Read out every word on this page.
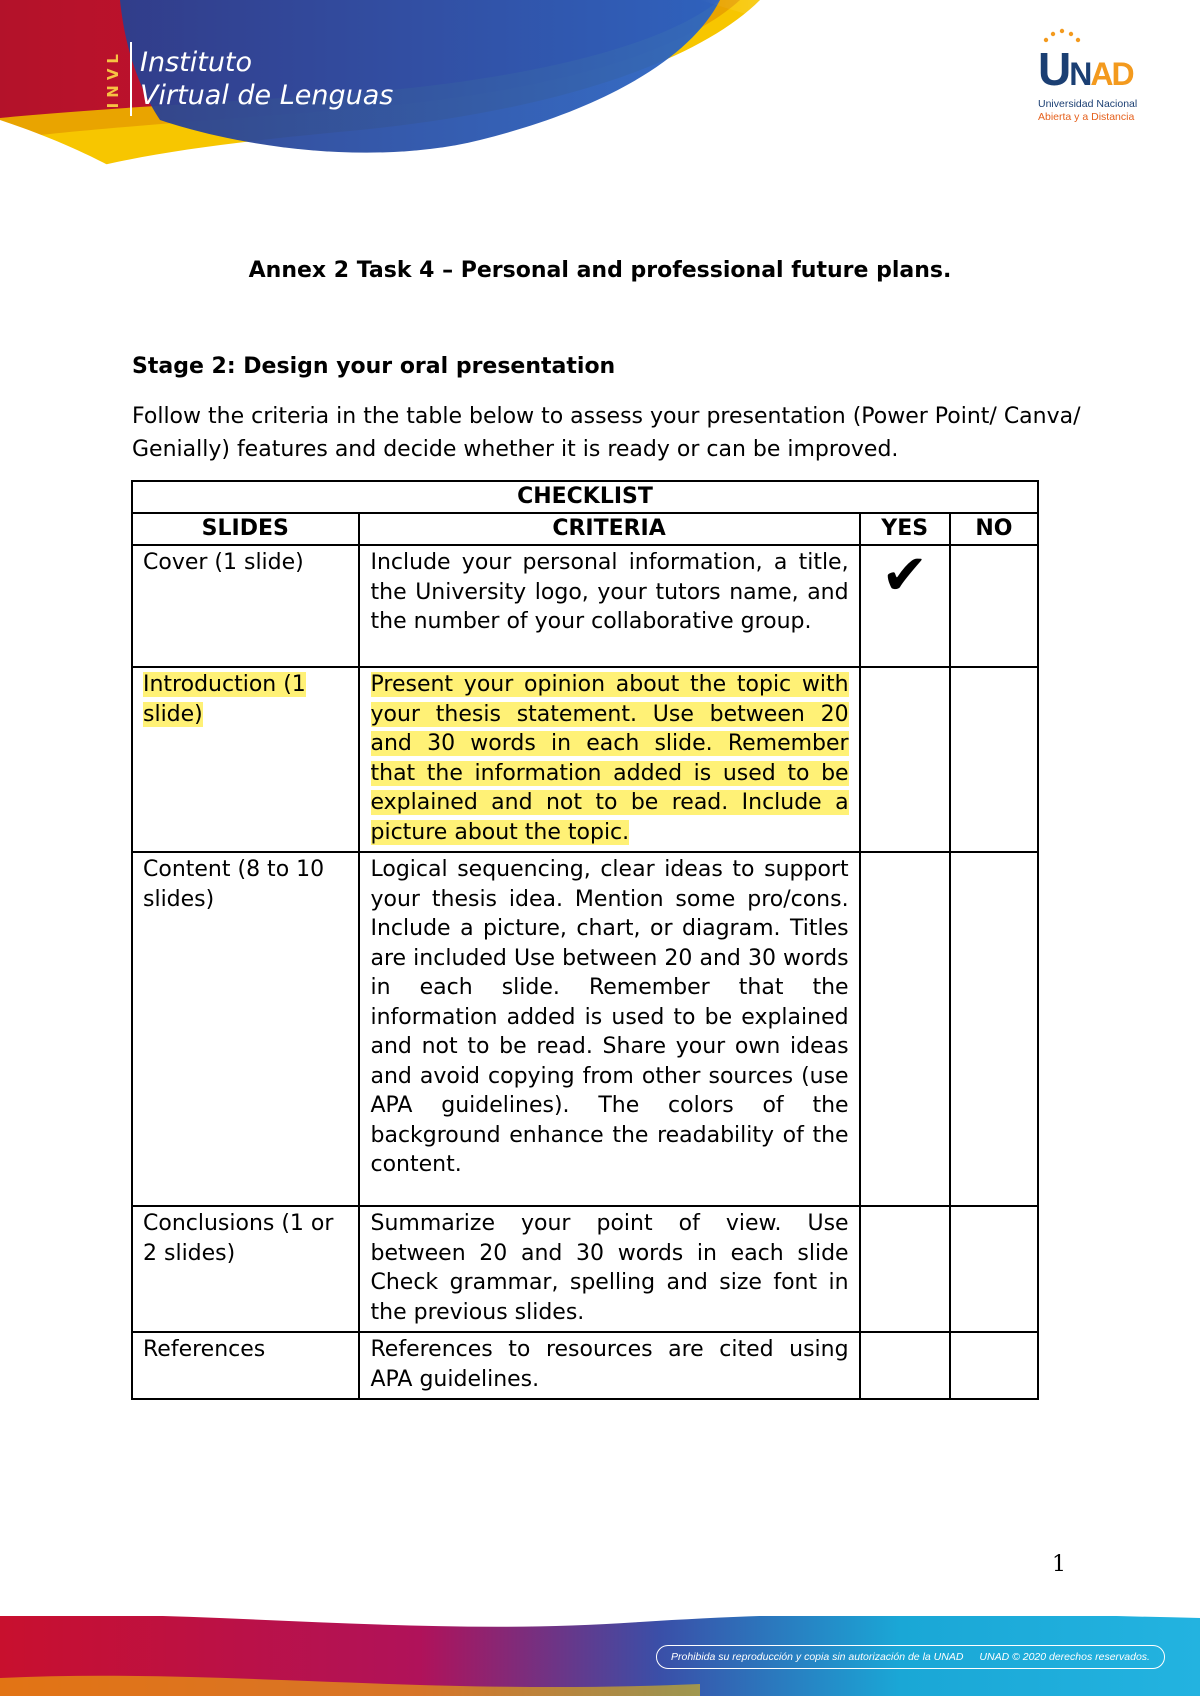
INVL Instituto
Virtual de Lenguas
UNAD
Universidad Nacional
Abierta y a Distancia
Annex 2 Task 4 – Personal and professional future plans.
Stage 2: Design your oral presentation
Follow the criteria in the table below to assess your presentation (Power Point/ Canva/ Genially) features and decide whether it is ready or can be improved.
CHECKLIST			
SLIDES	CRITERIA	YES	NO
Cover (1 slide)	Include your personal information, a title, the University logo, your tutors name, and the number of your collaborative group.	✔	
Introduction (1 slide)	Present your opinion about the topic with your thesis statement. Use between 20 and 30 words in each slide. Remember that the information added is used to be explained and not to be read. Include a picture about the topic.		
Content (8 to 10 slides)	Logical sequencing, clear ideas to support your thesis idea. Mention some pro/cons. Include a picture, chart, or diagram. Titles are included Use between 20 and 30 words in each slide. Remember that the information added is used to be explained and not to be read. Share your own ideas and avoid copying from other sources (use APA guidelines). The colors of the background enhance the readability of the content.		
Conclusions (1 or 2 slides)	Summarize your point of view. Use between 20 and 30 words in each slide Check grammar, spelling and size font in the previous slides.		
References	References to resources are cited using APA guidelines.		
1
Prohibida su reproducción y copia sin autorización de la UNAD UNAD © 2020 derechos reservados.
